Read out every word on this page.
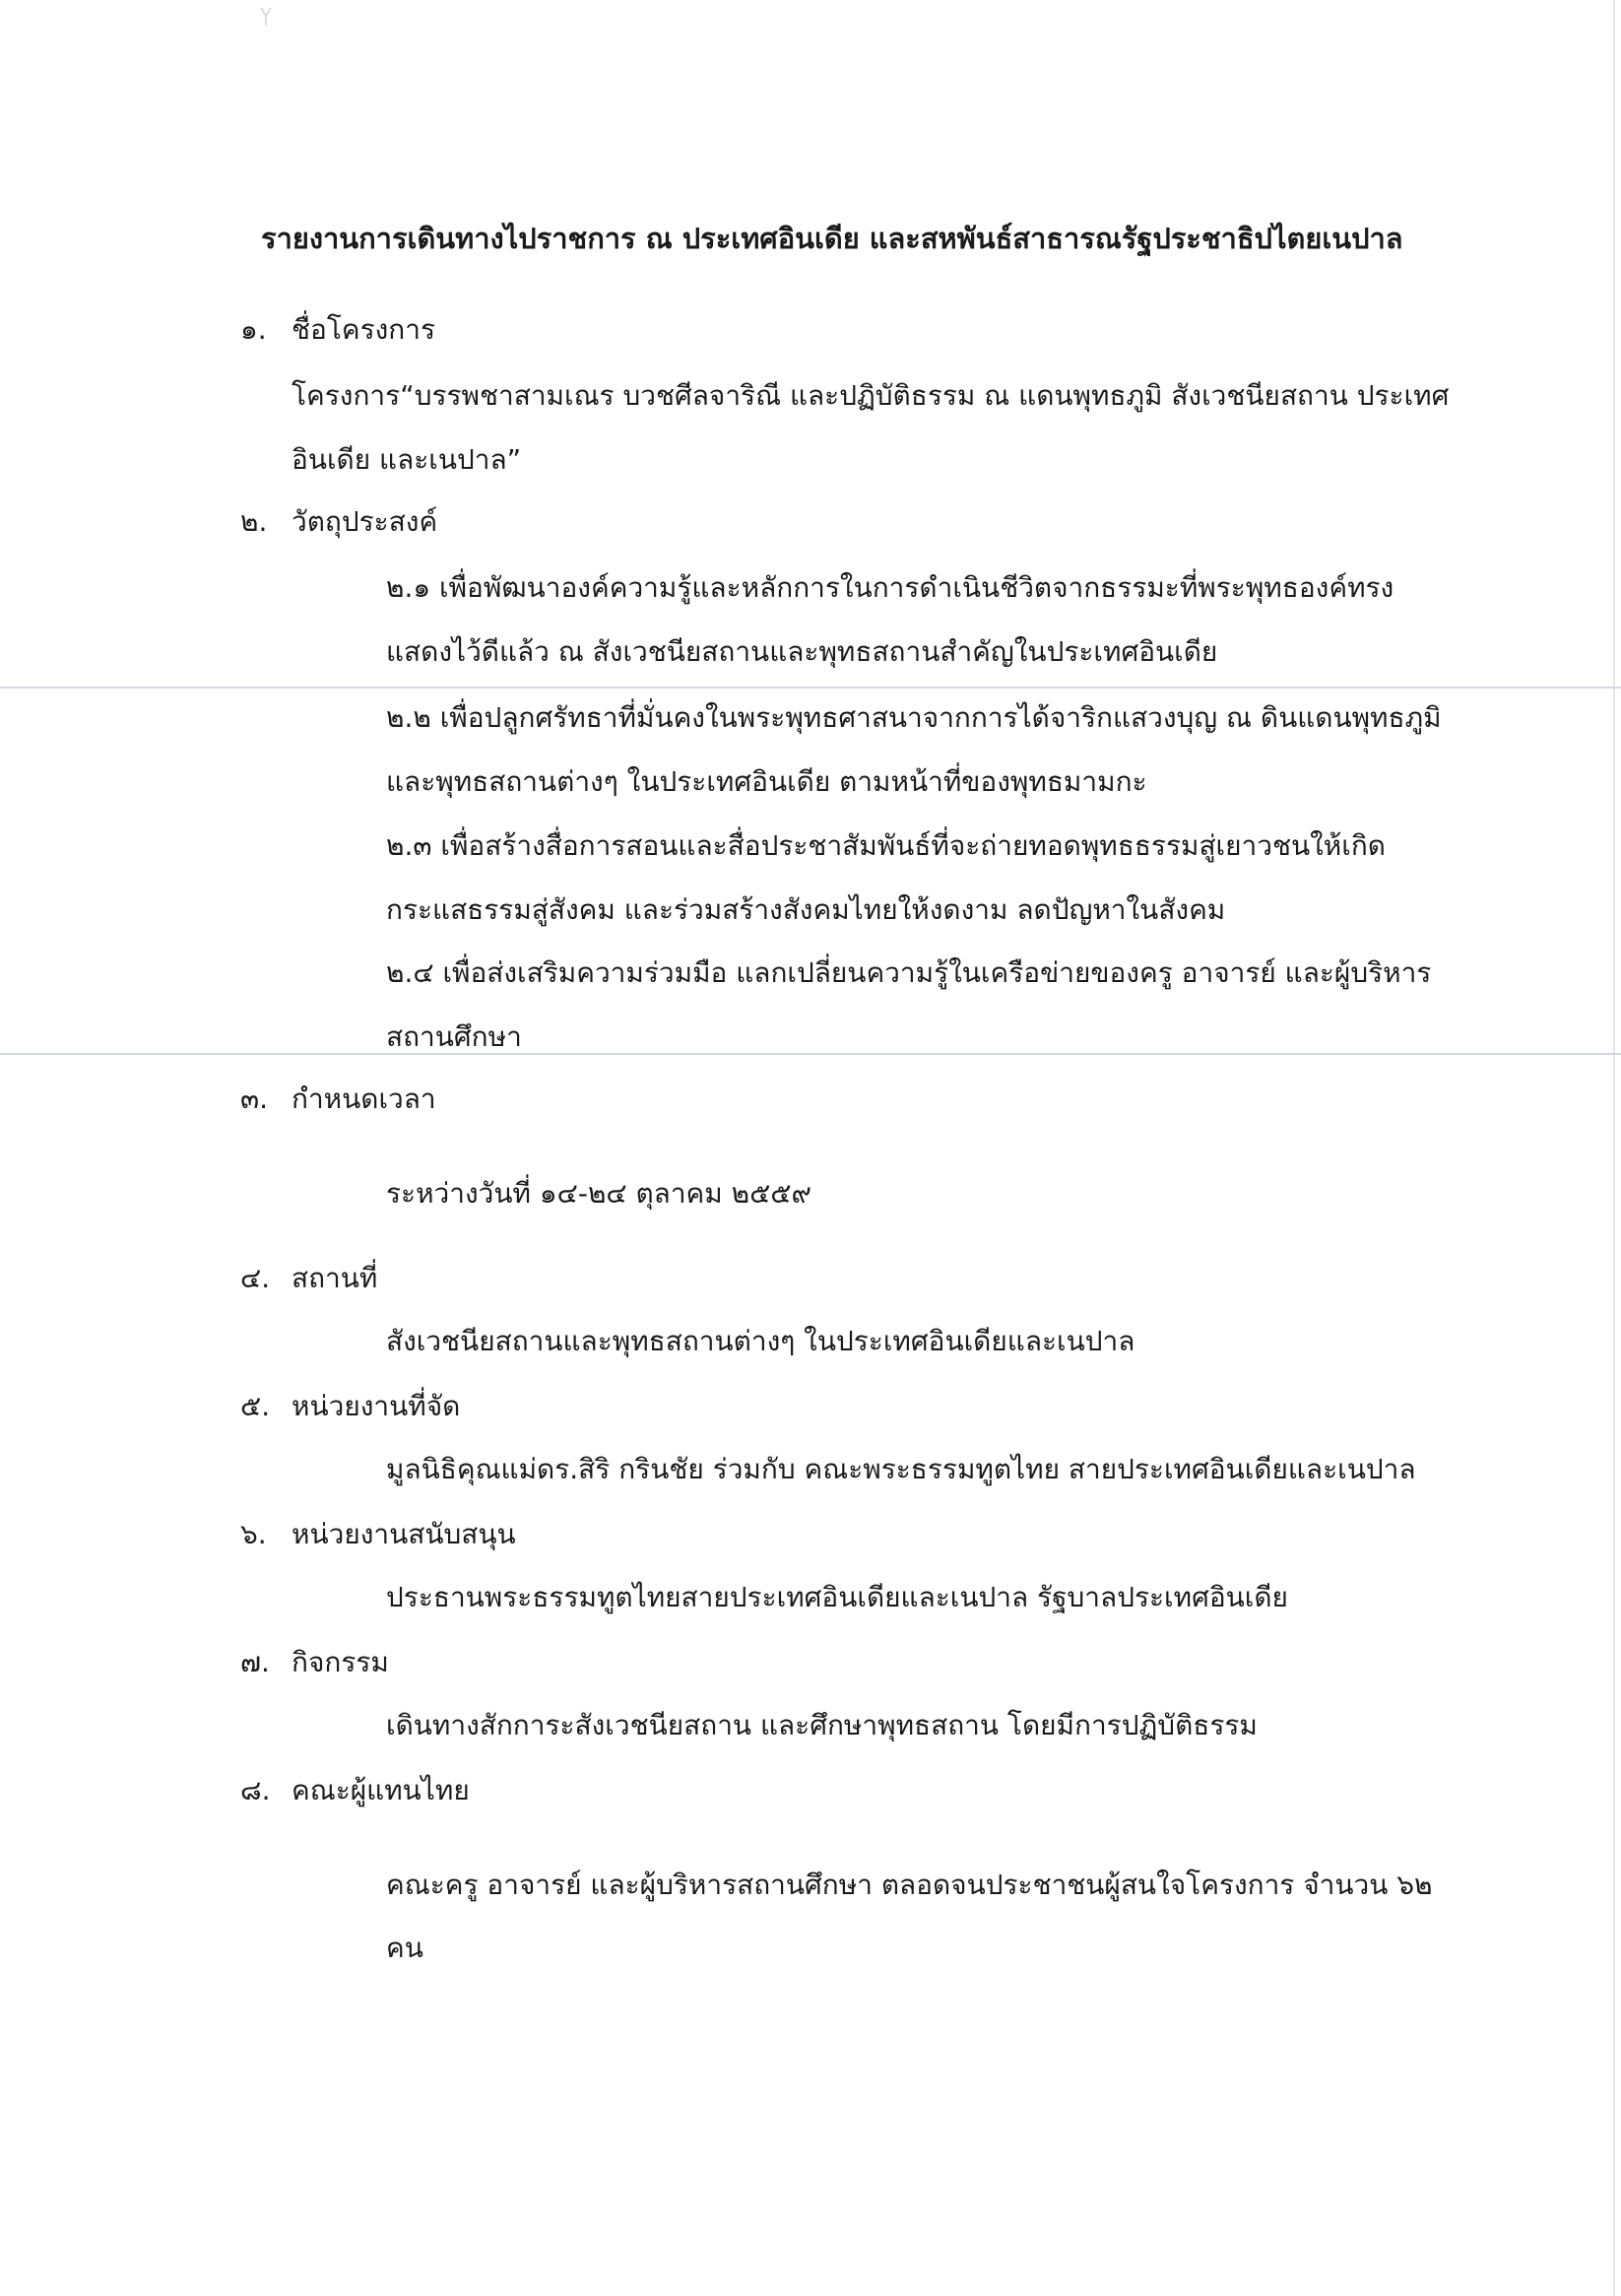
รายงานการเดินทางไปราชการ ณ ประเทศอินเดีย และสหพันธ์สาธารณรัฐประชาธิปไตยเนปาล
๑. ชื่อโครงการ
โครงการ“บรรพชาสามเณร บวชศีลจาริณี และปฏิบัติธรรม ณ แดนพุทธภูมิ สังเวชนียสถาน ประเทศ
อินเดีย และเนปาล”
๒. วัตถุประสงค์
๒.๑ เพื่อพัฒนาองค์ความรู้และหลักการในการดำเนินชีวิตจากธรรมะที่พระพุทธองค์ทรง
แสดงไว้ดีแล้ว ณ สังเวชนียสถานและพุทธสถานสำคัญในประเทศอินเดีย
๒.๒ เพื่อปลูกศรัทธาที่มั่นคงในพระพุทธศาสนาจากการได้จาริกแสวงบุญ ณ ดินแดนพุทธภูมิ
และพุทธสถานต่างๆ ในประเทศอินเดีย ตามหน้าที่ของพุทธมามกะ
๒.๓ เพื่อสร้างสื่อการสอนและสื่อประชาสัมพันธ์ที่จะถ่ายทอดพุทธธรรมสู่เยาวชนให้เกิด
กระแสธรรมสู่สังคม และร่วมสร้างสังคมไทยให้งดงาม ลดปัญหาในสังคม
๒.๔ เพื่อส่งเสริมความร่วมมือ แลกเปลี่ยนความรู้ในเครือข่ายของครู อาจารย์ และผู้บริหาร
สถานศึกษา
๓. กำหนดเวลา
ระหว่างวันที่ ๑๔-๒๔ ตุลาคม ๒๕๕๙
๔. สถานที่
สังเวชนียสถานและพุทธสถานต่างๆ ในประเทศอินเดียและเนปาล
๕. หน่วยงานที่จัด
มูลนิธิคุณแม่ดร.สิริ กรินชัย ร่วมกับ คณะพระธรรมทูตไทย สายประเทศอินเดียและเนปาล
๖. หน่วยงานสนับสนุน
ประธานพระธรรมทูตไทยสายประเทศอินเดียและเนปาล รัฐบาลประเทศอินเดีย
๗. กิจกรรม
เดินทางสักการะสังเวชนียสถาน และศึกษาพุทธสถาน โดยมีการปฏิบัติธรรม
๘. คณะผู้แทนไทย
คณะครู อาจารย์ และผู้บริหารสถานศึกษา ตลอดจนประชาชนผู้สนใจโครงการ จำนวน ๖๒
คน
